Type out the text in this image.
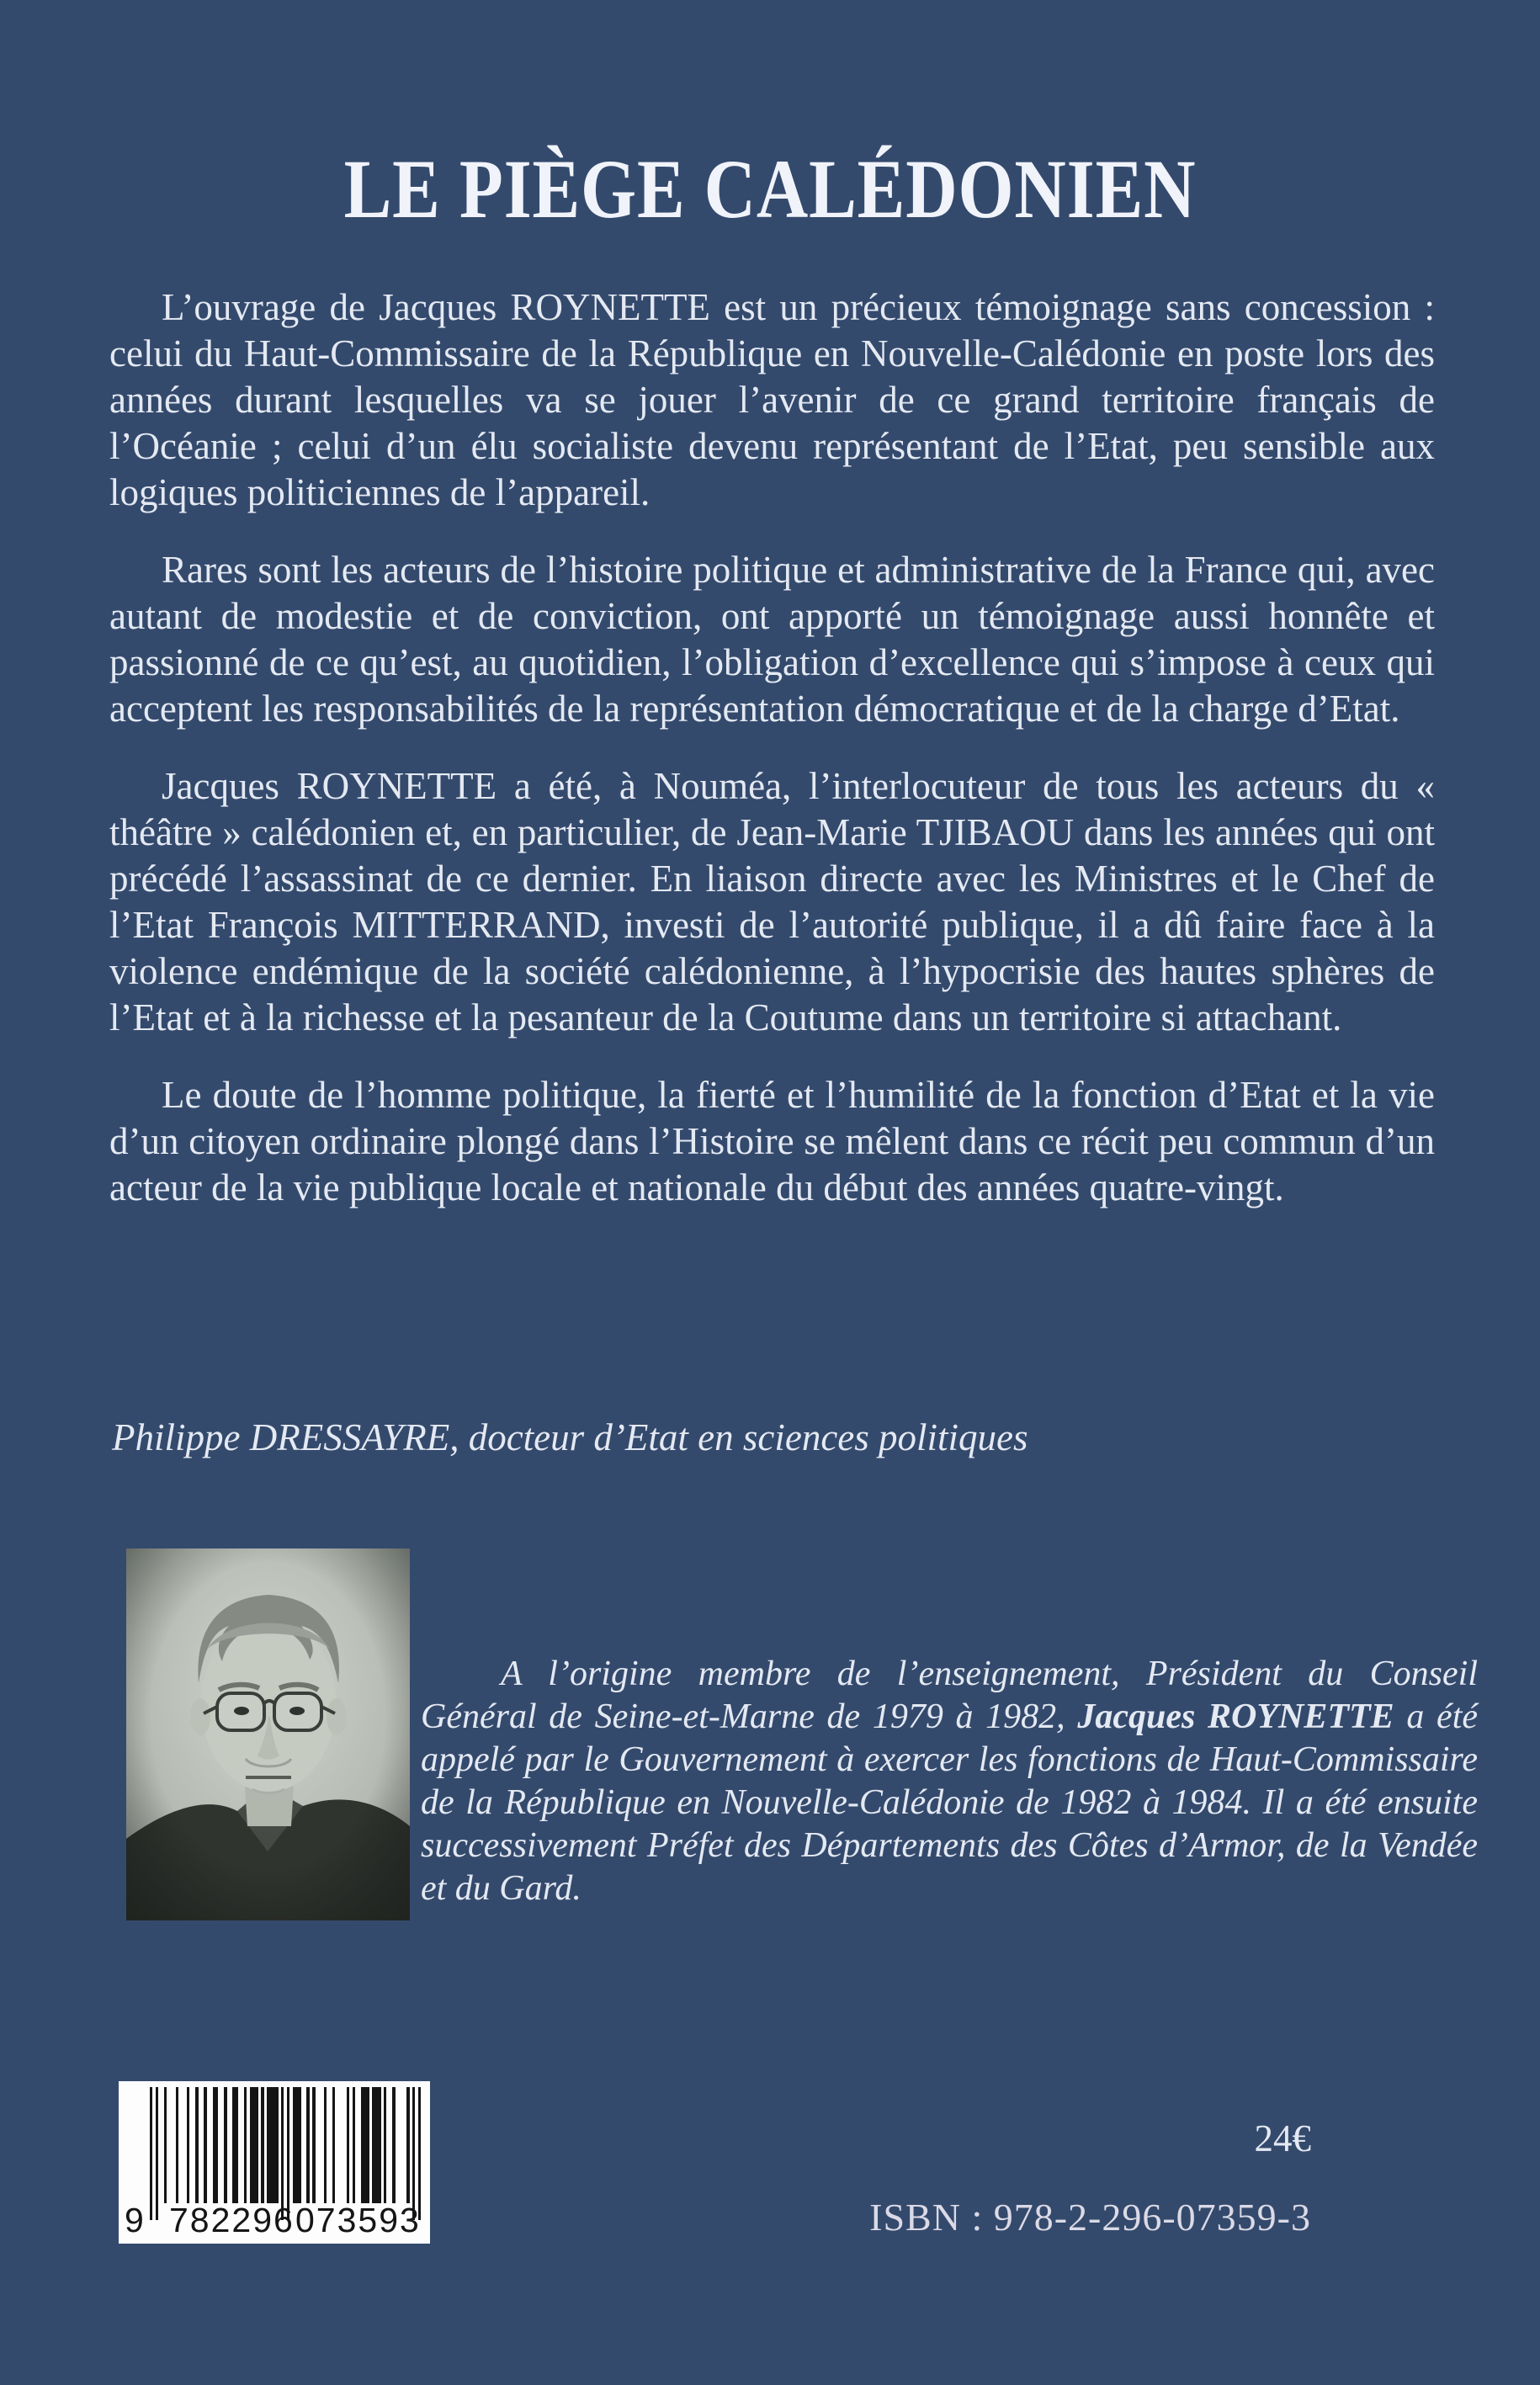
LE PIÈGE CALÉDONIEN

L’ouvrage de Jacques ROYNETTE est un précieux témoignage sans concession : celui du Haut-Commissaire de la République en Nouvelle-Calédonie en poste lors des années durant lesquelles va se jouer l’avenir de ce grand territoire français de l’Océanie ; celui d’un élu socialiste devenu représentant de l’Etat, peu sensible aux logiques politiciennes de l’appareil.

Rares sont les acteurs de l’histoire politique et administrative de la France qui, avec autant de modestie et de conviction, ont apporté un témoignage aussi honnête et passionné de ce qu’est, au quotidien, l’obligation d’excellence qui s’impose à ceux qui acceptent les responsabilités de la représentation démocratique et de la charge d’Etat.

Jacques ROYNETTE a été, à Nouméa, l’interlocuteur de tous les acteurs du « théâtre » calédonien et, en particulier, de Jean-Marie TJIBAOU dans les années qui ont précédé l’assassinat de ce dernier. En liaison directe avec les Ministres et le Chef de l’Etat François MITTERRAND, investi de l’autorité publique, il a dû faire face à la violence endémique de la société calédonienne, à l’hypocrisie des hautes sphères de l’Etat et à la richesse et la pesanteur de la Coutume dans un territoire si attachant.

Le doute de l’homme politique, la fierté et l’humilité de la fonction d’Etat et la vie d’un citoyen ordinaire plongé dans l’Histoire se mêlent dans ce récit peu commun d’un acteur de la vie publique locale et nationale du début des années quatre-vingt.

Philippe DRESSAYRE, docteur d’Etat en sciences politiques

A l’origine membre de l’enseignement, Président du Conseil Général de Seine-et-Marne de 1979 à 1982, Jacques ROYNETTE a été appelé par le Gouvernement à exercer les fonctions de Haut-Commissaire de la République en Nouvelle-Calédonie de 1982 à 1984. Il a été ensuite successivement Préfet des Départements des Côtes d’Armor, de la Vendée et du Gard.

9 782296 073593
24€
ISBN : 978-2-296-07359-3
